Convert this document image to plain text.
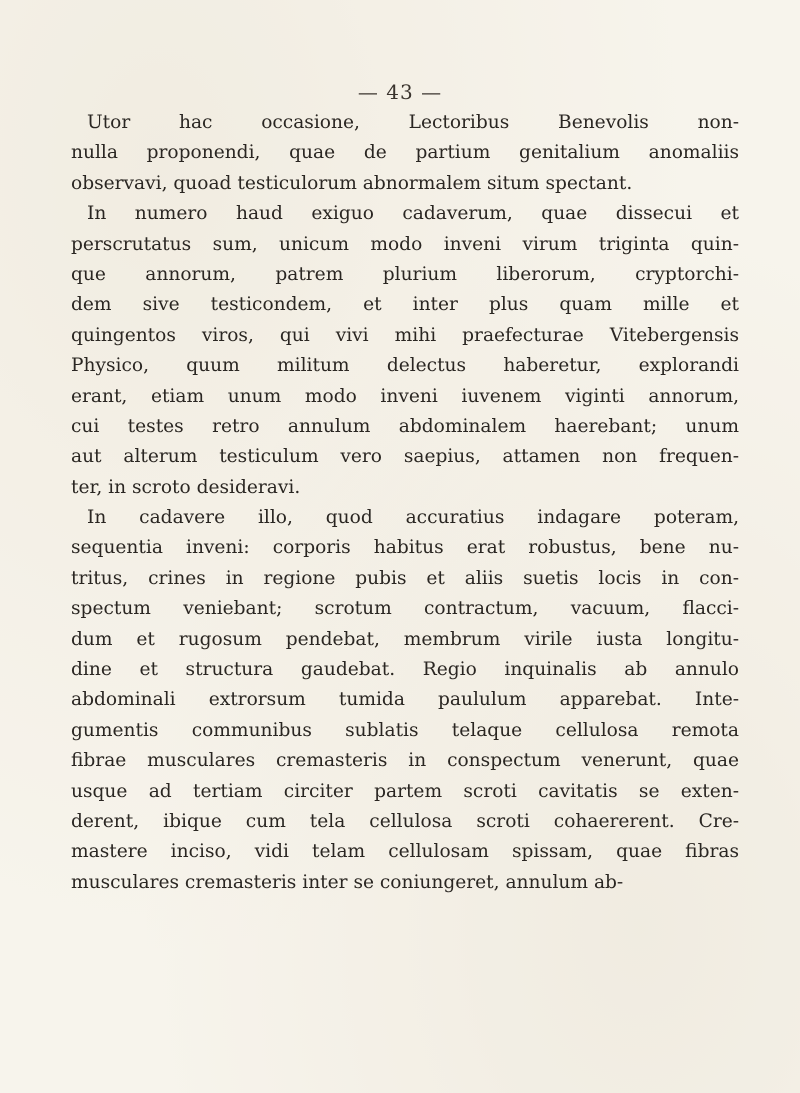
— 43 —
Utor hac occasione, Lectoribus Benevolis non-
nulla proponendi, quae de partium genitalium anomaliis
observavi, quoad testiculorum abnormalem situm spectant.
In numero haud exiguo cadaverum, quae dissecui et
perscrutatus sum, unicum modo inveni virum triginta quin-
que annorum, patrem plurium liberorum, cryptorchi-
dem sive testicondem, et inter plus quam mille et
quingentos viros, qui vivi mihi praefecturae Vitebergensis
Physico, quum militum delectus haberetur, explorandi
erant, etiam unum modo inveni iuvenem viginti annorum,
cui testes retro annulum abdominalem haerebant; unum
aut alterum testiculum vero saepius, attamen non frequen-
ter, in scroto desideravi.
In cadavere illo, quod accuratius indagare poteram,
sequentia inveni: corporis habitus erat robustus, bene nu-
tritus, crines in regione pubis et aliis suetis locis in con-
spectum veniebant; scrotum contractum, vacuum, flacci-
dum et rugosum pendebat, membrum virile iusta longitu-
dine et structura gaudebat. Regio inquinalis ab annulo
abdominali extrorsum tumida paululum apparebat. Inte-
gumentis communibus sublatis telaque cellulosa remota
fibrae musculares cremasteris in conspectum venerunt, quae
usque ad tertiam circiter partem scroti cavitatis se exten-
derent, ibique cum tela cellulosa scroti cohaererent. Cre-
mastere inciso, vidi telam cellulosam spissam, quae fibras
musculares cremasteris inter se coniungeret, annulum ab-
